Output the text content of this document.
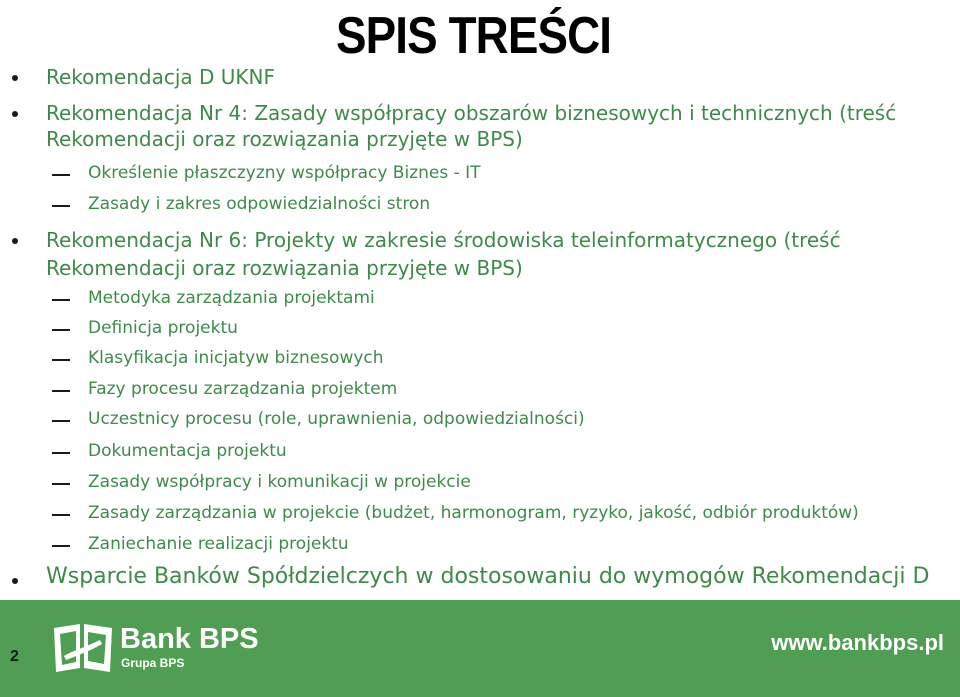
SPIS TREŚCI
Rekomendacja D UKNF
Rekomendacja Nr 4: Zasady współpracy obszarów biznesowych i technicznych (treść
Rekomendacji oraz rozwiązania przyjęte w BPS)
Określenie płaszczyzny współpracy Biznes - IT
Zasady i zakres odpowiedzialności stron
Rekomendacja Nr 6: Projekty w zakresie środowiska teleinformatycznego (treść
Rekomendacji oraz rozwiązania przyjęte w BPS)
Metodyka zarządzania projektami
Definicja projektu
Klasyfikacja inicjatyw biznesowych
Fazy procesu zarządzania projektem
Uczestnicy procesu (role, uprawnienia, odpowiedzialności)
Dokumentacja projektu
Zasady współpracy i komunikacji w projekcie
Zasady zarządzania w projekcie (budżet, harmonogram, ryzyko, jakość, odbiór produktów)
Zaniechanie realizacji projektu
Wsparcie Banków Spółdzielczych w dostosowaniu do wymogów Rekomendacji D
2
Bank BPS
Grupa BPS
www.bankbps.pl
